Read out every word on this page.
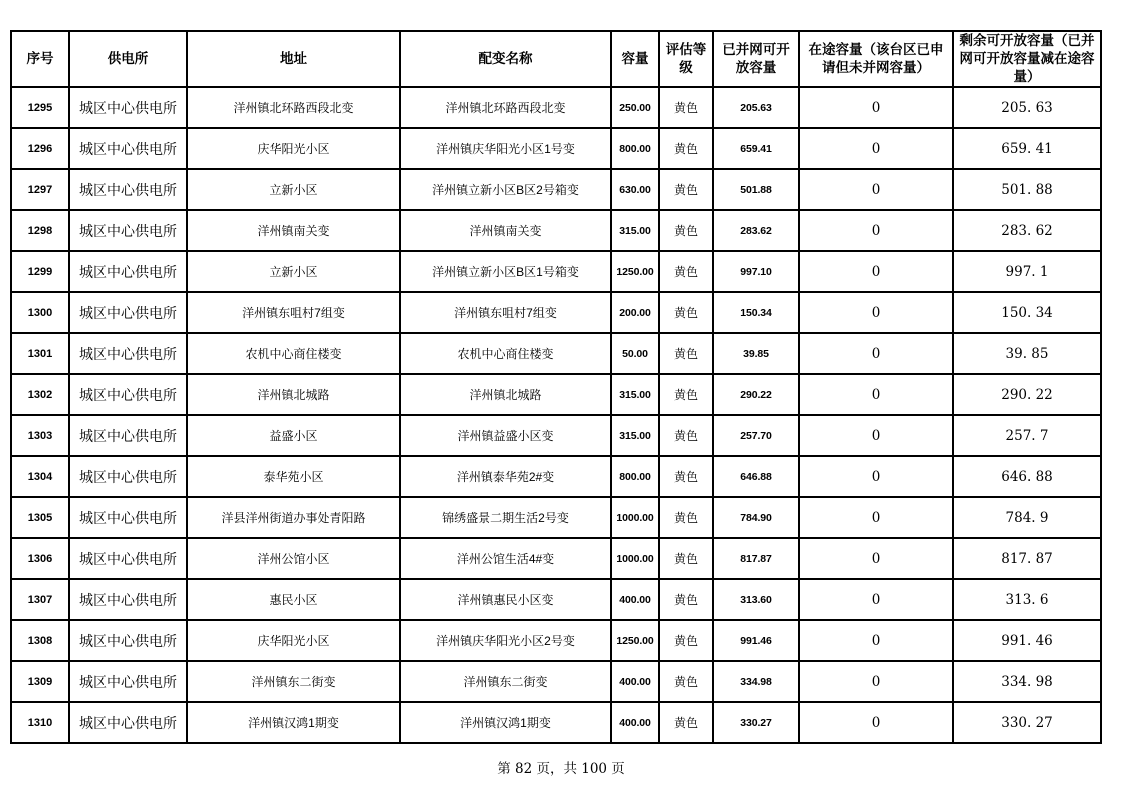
序号	供电所	地址	配变名称	容量	评估等级	已并网可开放容量	在途容量（该台区已申请但未并网容量）	剩余可开放容量（已并网可开放容量减在途容量）
1295	城区中心供电所	洋州镇北环路西段北变	洋州镇北环路西段北变	250.00	黄色	205.63	0	205. 63
1296	城区中心供电所	庆华阳光小区	洋州镇庆华阳光小区1号变	800.00	黄色	659.41	0	659. 41
1297	城区中心供电所	立新小区	洋州镇立新小区B区2号箱变	630.00	黄色	501.88	0	501. 88
1298	城区中心供电所	洋州镇南关变	洋州镇南关变	315.00	黄色	283.62	0	283. 62
1299	城区中心供电所	立新小区	洋州镇立新小区B区1号箱变	1250.00	黄色	997.10	0	997. 1
1300	城区中心供电所	洋州镇东咀村7组变	洋州镇东咀村7组变	200.00	黄色	150.34	0	150. 34
1301	城区中心供电所	农机中心商住楼变	农机中心商住楼变	50.00	黄色	39.85	0	39. 85
1302	城区中心供电所	洋州镇北城路	洋州镇北城路	315.00	黄色	290.22	0	290. 22
1303	城区中心供电所	益盛小区	洋州镇益盛小区变	315.00	黄色	257.70	0	257. 7
1304	城区中心供电所	泰华苑小区	洋州镇泰华苑2#变	800.00	黄色	646.88	0	646. 88
1305	城区中心供电所	洋县洋州街道办事处青阳路	锦绣盛景二期生活2号变	1000.00	黄色	784.90	0	784. 9
1306	城区中心供电所	洋州公馆小区	洋州公馆生活4#变	1000.00	黄色	817.87	0	817. 87
1307	城区中心供电所	惠民小区	洋州镇惠民小区变	400.00	黄色	313.60	0	313. 6
1308	城区中心供电所	庆华阳光小区	洋州镇庆华阳光小区2号变	1250.00	黄色	991.46	0	991. 46
1309	城区中心供电所	洋州镇东二街变	洋州镇东二街变	400.00	黄色	334.98	0	334. 98
1310	城区中心供电所	洋州镇汉鸿1期变	洋州镇汉鸿1期变	400.00	黄色	330.27	0	330. 27
第 82 页，共 100 页
